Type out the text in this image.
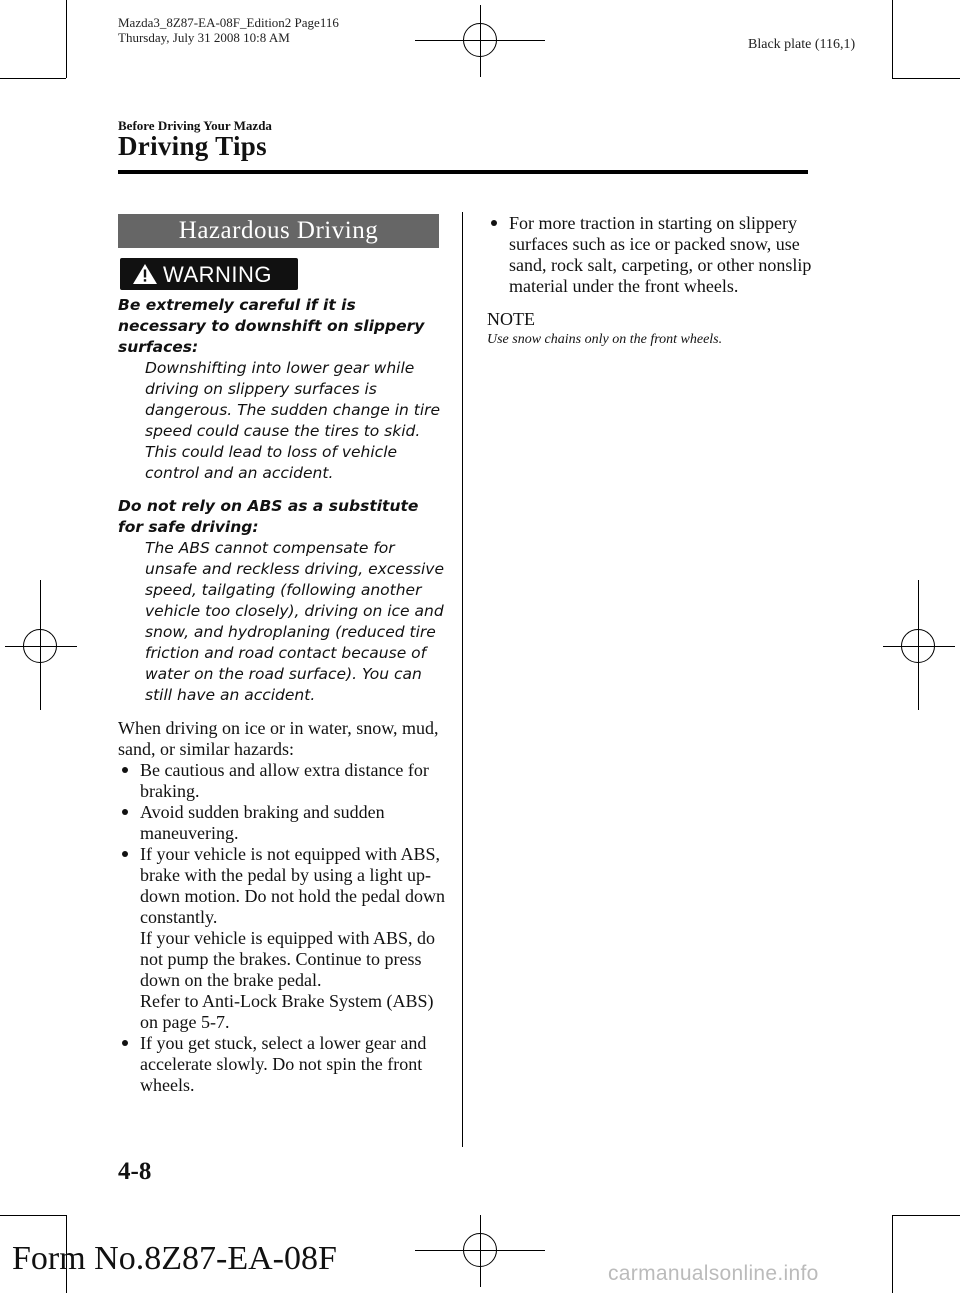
Mazda3_8Z87-EA-08F_Edition2 Page116
Thursday, July 31 2008 10:8 AM	Black plate (116,1)
Before Driving Your Mazda
Driving Tips
Hazardous Driving
WARNING

Be extremely careful if it is necessary to downshift on slippery surfaces:

Downshifting into lower gear while driving on slippery surfaces is dangerous. The sudden change in tire speed could cause the tires to skid. This could lead to loss of vehicle control and an accident.

Do not rely on ABS as a substitute for safe driving:

The ABS cannot compensate for unsafe and reckless driving, excessive speed, tailgating (following another vehicle too closely), driving on ice and snow, and hydroplaning (reduced tire friction and road contact because of water on the road surface). You can still have an accident.

When driving on ice or in water, snow, mud, sand, or similar hazards:

Be cautious and allow extra distance for braking.
Avoid sudden braking and sudden maneuvering.
If your vehicle is not equipped with ABS, brake with the pedal by using a light up-down motion. Do not hold the pedal down constantly.
If your vehicle is equipped with ABS, do not pump the brakes. Continue to press down on the brake pedal.
Refer to Anti-Lock Brake System (ABS) on page 5-7.
If you get stuck, select a lower gear and accelerate slowly. Do not spin the front wheels.
For more traction in starting on slippery surfaces such as ice or packed snow, use sand, rock salt, carpeting, or other nonslip material under the front wheels.

NOTE

Use snow chains only on the front wheels.

4-8
Form No.8Z87-EA-08F	carmanualsonline.info
